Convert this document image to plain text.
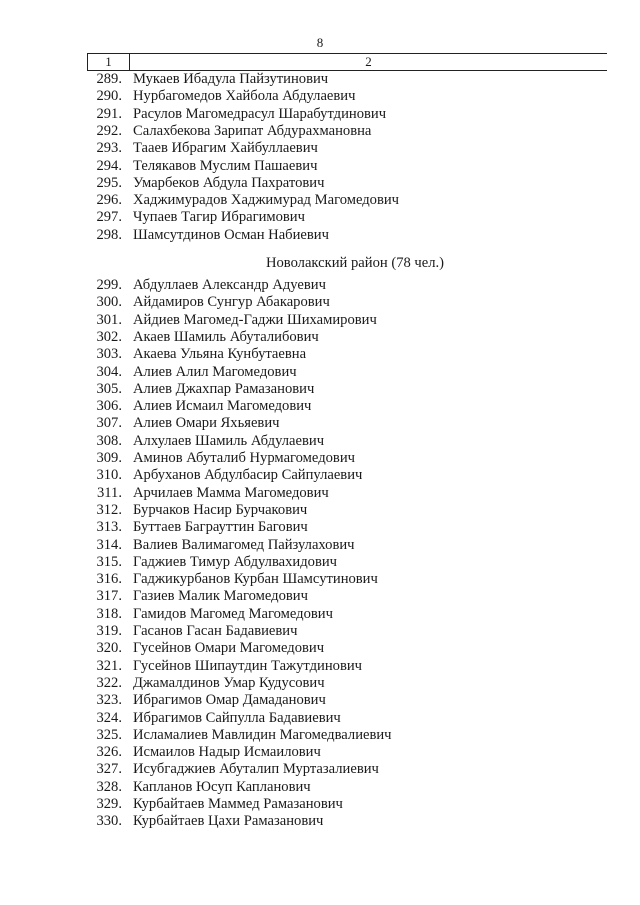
8
1	2
289. Мукаев Ибадула Пайзутинович
290. Нурбагомедов Хайбола Абдулаевич
291. Расулов Магомедрасул Шарабутдинович
292. Салахбекова Зарипат Абдурахмановна
293. Тааев Ибрагим Хайбуллаевич
294. Телякавов Муслим Пашаевич
295. Умарбеков Абдула Пахратович
296. Хаджимурадов Хаджимурад Магомедович
297. Чупаев Тагир Ибрагимович
298. Шамсутдинов Осман Набиевич
Новолакский район (78 чел.)
299. Абдуллаев Александр Адуевич
300. Айдамиров Сунгур Абакарович
301. Айдиев Магомед-Гаджи Шихамирович
302. Акаев Шамиль Абуталибович
303. Акаева Ульяна Кунбутаевна
304. Алиев Алил Магомедович
305. Алиев Джахпар Рамазанович
306. Алиев Исмаил Магомедович
307. Алиев Омари Яхьяевич
308. Алхулаев Шамиль Абдулаевич
309. Аминов Абуталиб Нурмагомедович
310. Арбуханов Абдулбасир Сайпулаевич
311. Арчилаев Мамма Магомедович
312. Бурчаков Насир Бурчакович
313. Буттаев Баграуттин Багович
314. Валиев Валимагомед Пайзулахович
315. Гаджиев Тимур Абдулвахидович
316. Гаджикурбанов Курбан Шамсутинович
317. Газиев Малик Магомедович
318. Гамидов Магомед Магомедович
319. Гасанов Гасан Бадавиевич
320. Гусейнов Омари Магомедович
321. Гусейнов Шипаутдин Тажутдинович
322. Джамалдинов Умар Кудусович
323. Ибрагимов Омар Дамаданович
324. Ибрагимов Сайпулла Бадавиевич
325. Исламалиев Мавлидин Магомедвалиевич
326. Исмаилов Надыр Исмаилович
327. Исубгаджиев Абуталип Муртазалиевич
328. Капланов Юсуп Капланович
329. Курбайтаев Маммед Рамазанович
330. Курбайтаев Цахи Рамазанович
